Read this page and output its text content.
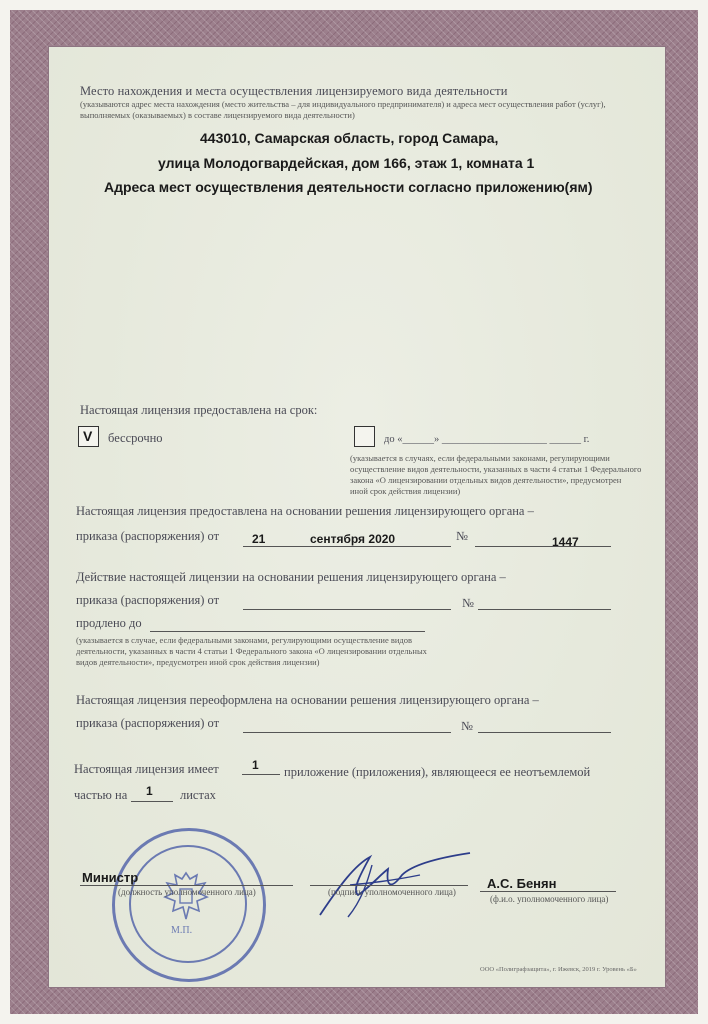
Место нахождения и места осуществления лицензируемого вида деятельности
(указываются адрес места нахождения (место жительства – для индивидуального предпринимателя) и адреса мест осуществления работ (услуг),
выполняемых (оказываемых) в составе лицензируемого вида деятельности)
443010, Самарская область, город Самара,
улица Молодогвардейская, дом 166, этаж 1, комната 1
Адреса мест осуществления деятельности согласно приложению(ям)
Настоящая лицензия предоставлена на срок:
V бессрочно	до «______» ____________________ ______ г.
(указывается в случаях, если федеральными законами, регулирующими
осуществление видов деятельности, указанных в части 4 статьи 1 Федерального
закона «О лицензировании отдельных видов деятельности», предусмотрен
иной срок действия лицензии)
Настоящая лицензия предоставлена на основании решения лицензирующего органа –
приказа (распоряжения) от	21	сентября 2020	№	1447
Действие настоящей лицензии на основании решения лицензирующего органа –
приказа (распоряжения) от	№
продлено до
(указывается в случае, если федеральными законами, регулирующими осуществление видов
деятельности, указанных в части 4 статьи 1 Федерального закона «О лицензировании отдельных
видов деятельности», предусмотрен иной срок действия лицензии)
Настоящая лицензия переоформлена на основании решения лицензирующего органа –
приказа (распоряжения) от	№
Настоящая лицензия имеет	1 приложение (приложения), являющееся ее неотъемлемой
частью на 1 листах
М.П.
Министр
(должность уполномоченного лица)	(подпись уполномоченного лица)
А.С. Бенян
(ф.и.о. уполномоченного лица)
ООО «Полиграфзащита», г. Ижевск, 2019 г. Уровень «Б»
